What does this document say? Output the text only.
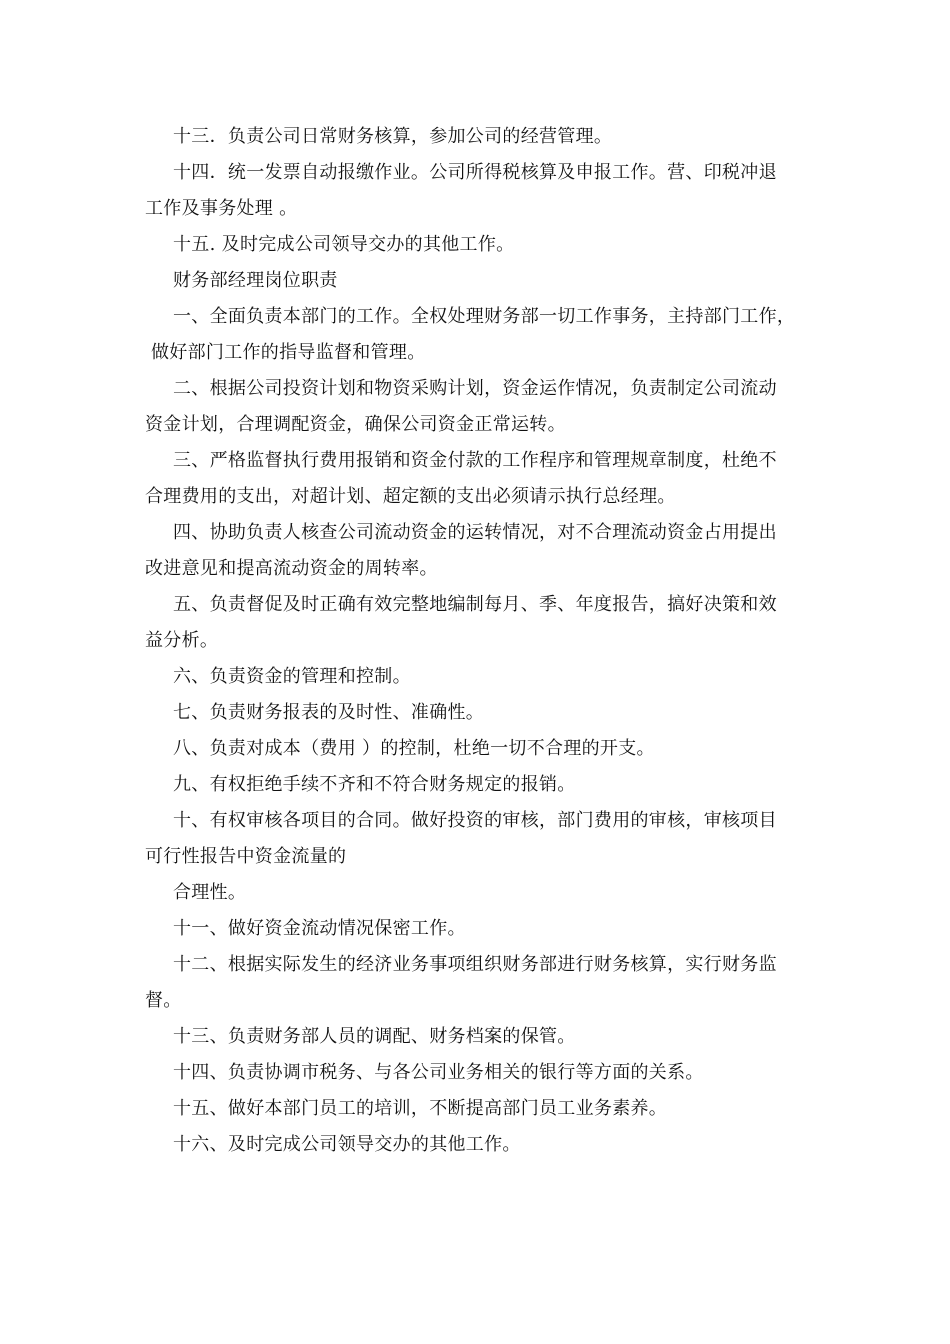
十三．负责公司日常财务核算，参加公司的经营管理。
十四．统一发票自动报缴作业。公司所得税核算及申报工作。营、印税冲退
工作及事务处理 。
十五. 及时完成公司领导交办的其他工作。
财务部经理岗位职责
一、全面负责本部门的工作。全权处理财务部一切工作事务，主持部门工作，
做好部门工作的指导监督和管理。
二、根据公司投资计划和物资采购计划，资金运作情况，负责制定公司流动
资金计划，合理调配资金，确保公司资金正常运转。
三、严格监督执行费用报销和资金付款的工作程序和管理规章制度，杜绝不
合理费用的支出，对超计划、超定额的支出必须请示执行总经理。
四、协助负责人核查公司流动资金的运转情况，对不合理流动资金占用提出
改进意见和提高流动资金的周转率。
五、负责督促及时正确有效完整地编制每月、季、年度报告，搞好决策和效
益分析。
六、负责资金的管理和控制。
七、负责财务报表的及时性、准确性。
八、负责对成本（费用 ）的控制，杜绝一切不合理的开支。
九、有权拒绝手续不齐和不符合财务规定的报销。
十、有权审核各项目的合同。做好投资的审核，部门费用的审核，审核项目
可行性报告中资金流量的
合理性。
十一、做好资金流动情况保密工作。
十二、根据实际发生的经济业务事项组织财务部进行财务核算，实行财务监
督。
十三、负责财务部人员的调配、财务档案的保管。
十四、负责协调市税务、与各公司业务相关的银行等方面的关系。
十五、做好本部门员工的培训，不断提高部门员工业务素养。
十六、及时完成公司领导交办的其他工作。
